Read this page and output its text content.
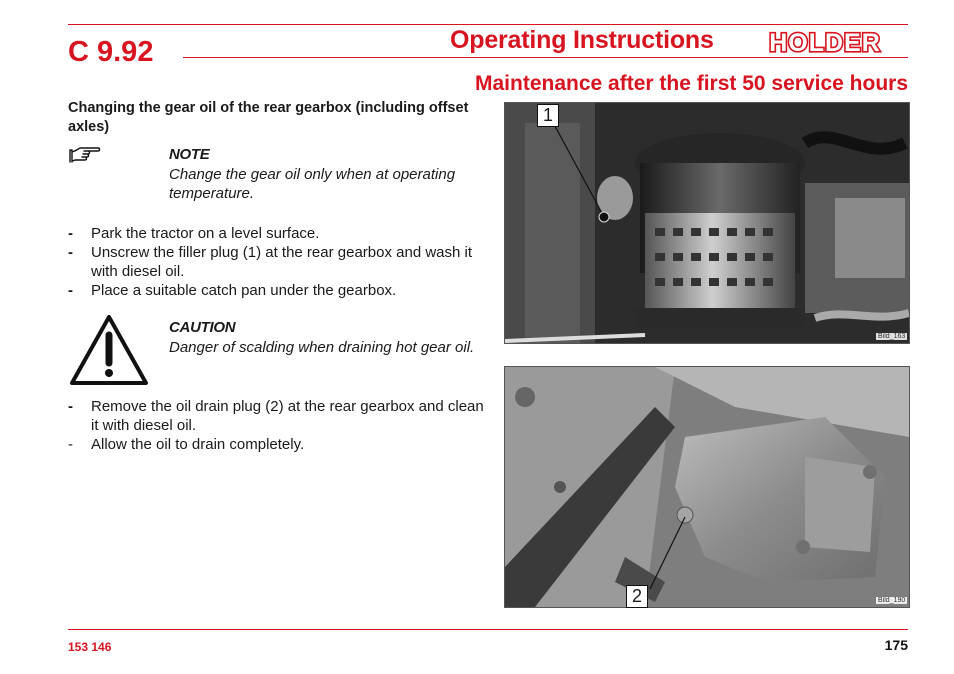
C 9.92	Operating Instructions HOLDER
Maintenance after the first 50 service hours
Changing the gear oil of the rear gearbox (including offset axles)
NOTE
Change the gear oil only when at operating temperature.
- Park the tractor on a level surface.
- Unscrew the filler plug (1) at the rear gearbox and wash it with diesel oil.
- Place a suitable catch pan under the gearbox.
CAUTION
Danger of scalding when draining hot gear oil.
- Remove the oil drain plug (2) at the rear gearbox and clean it with diesel oil.
- Allow the oil to drain completely.
1
Bild_163
2	Bild_190
153 146	175
